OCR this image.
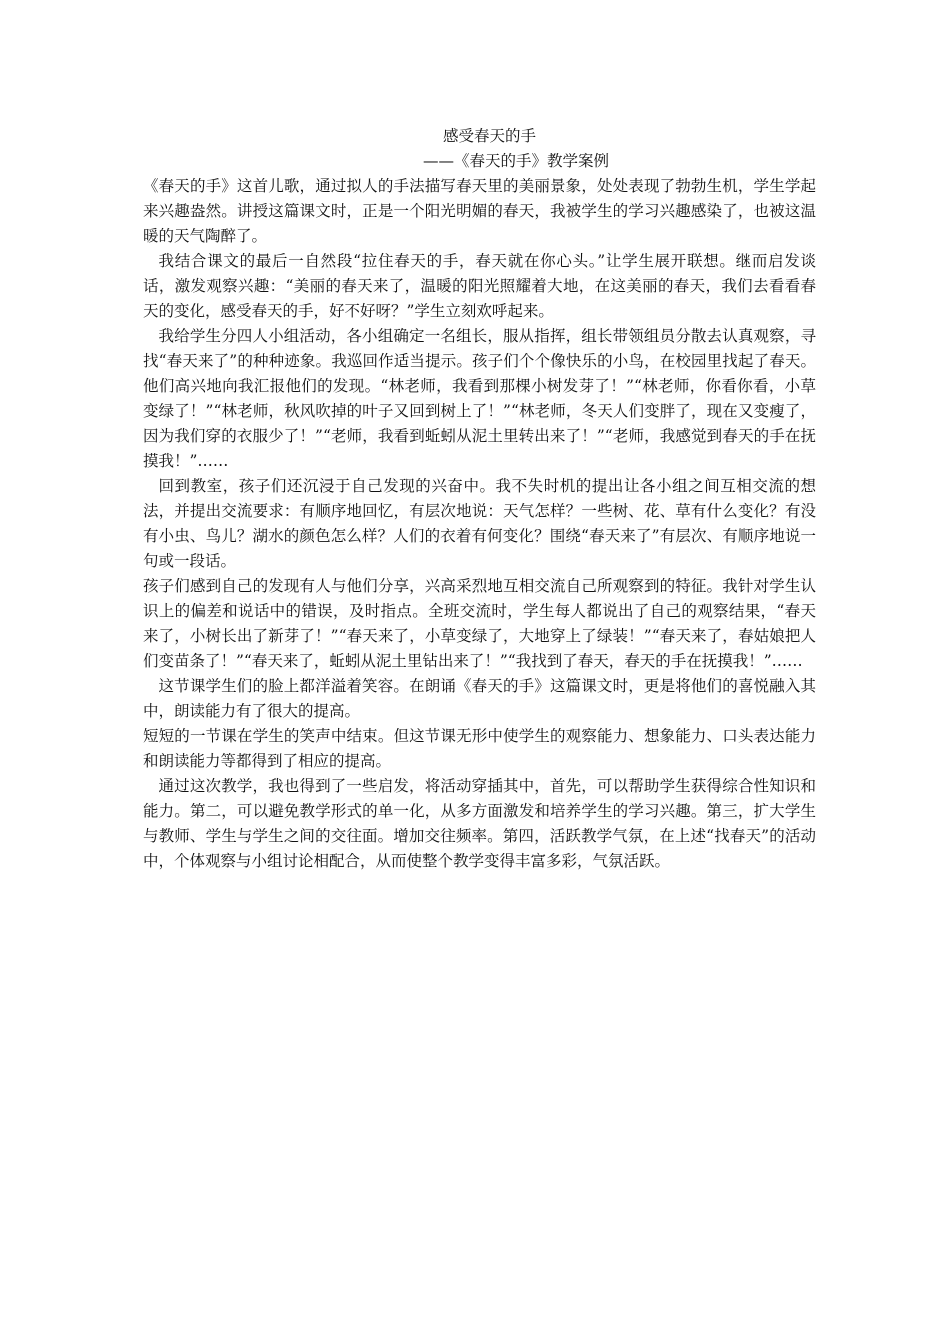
感受春天的手

——《春天的手》教学案例

《春天的手》这首儿歌，通过拟人的手法描写春天里的美丽景象，处处表现了勃勃生机，学生学起来兴趣盎然。讲授这篇课文时，正是一个阳光明媚的春天，我被学生的学习兴趣感染了，也被这温暖的天气陶醉了。

我结合课文的最后一自然段“拉住春天的手，春天就在你心头。”让学生展开联想。继而启发谈话，激发观察兴趣：“美丽的春天来了，温暖的阳光照耀着大地，在这美丽的春天，我们去看看春天的变化，感受春天的手，好不好呀？”学生立刻欢呼起来。

我给学生分四人小组活动，各小组确定一名组长，服从指挥，组长带领组员分散去认真观察，寻找“春天来了”的种种迹象。我巡回作适当提示。孩子们个个像快乐的小鸟，在校园里找起了春天。他们高兴地向我汇报他们的发现。“林老师，我看到那棵小树发芽了！”“林老师，你看你看，小草变绿了！”“林老师，秋风吹掉的叶子又回到树上了！”“林老师，冬天人们变胖了，现在又变瘦了，因为我们穿的衣服少了！”“老师，我看到蚯蚓从泥土里转出来了！”“老师，我感觉到春天的手在抚摸我！”……

回到教室，孩子们还沉浸于自己发现的兴奋中。我不失时机的提出让各小组之间互相交流的想法，并提出交流要求：有顺序地回忆，有层次地说：天气怎样？一些树、花、草有什么变化？有没有小虫、鸟儿？湖水的颜色怎么样？人们的衣着有何变化？围绕“春天来了”有层次、有顺序地说一句或一段话。

孩子们感到自己的发现有人与他们分享，兴高采烈地互相交流自己所观察到的特征。我针对学生认识上的偏差和说话中的错误，及时指点。全班交流时，学生每人都说出了自己的观察结果，“春天来了，小树长出了新芽了！”“春天来了，小草变绿了，大地穿上了绿装！”“春天来了，春姑娘把人们变苗条了！”“春天来了，蚯蚓从泥土里钻出来了！”“我找到了春天，春天的手在抚摸我！”……

这节课学生们的脸上都洋溢着笑容。在朗诵《春天的手》这篇课文时，更是将他们的喜悦融入其中，朗读能力有了很大的提高。

短短的一节课在学生的笑声中结束。但这节课无形中使学生的观察能力、想象能力、口头表达能力和朗读能力等都得到了相应的提高。

通过这次教学，我也得到了一些启发，将活动穿插其中，首先，可以帮助学生获得综合性知识和能力。第二，可以避免教学形式的单一化，从多方面激发和培养学生的学习兴趣。第三，扩大学生与教师、学生与学生之间的交往面。增加交往频率。第四，活跃教学气氛，在上述“找春天”的活动中，个体观察与小组讨论相配合，从而使整个教学变得丰富多彩，气氛活跃。
